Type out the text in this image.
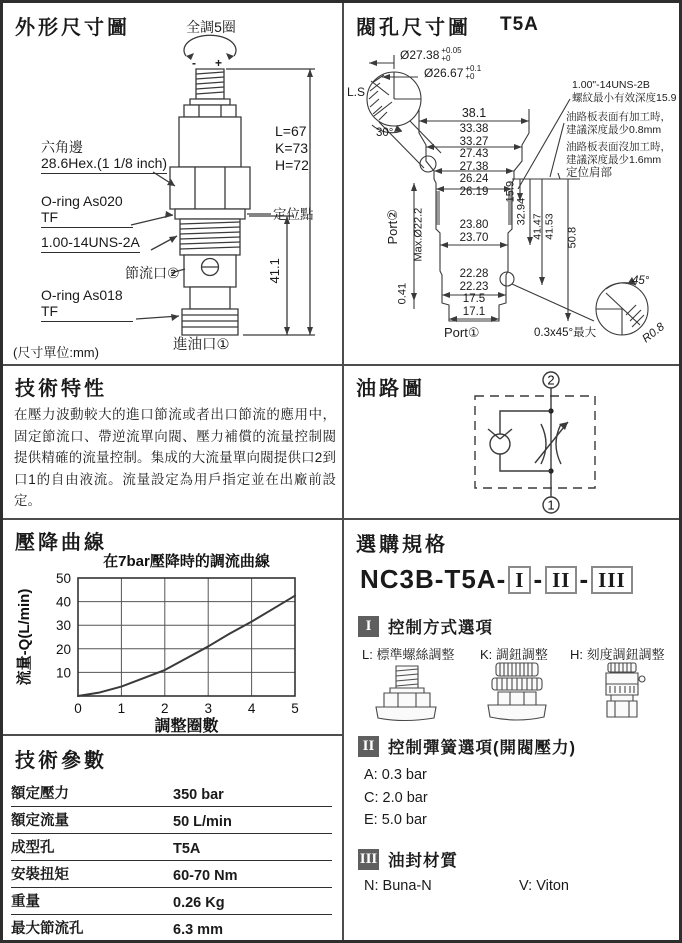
外形尺寸圖	全調5圈
- +
六角邊
28.6Hex.(1 1/8 inch)
O-ring As020
TF
1.00-14UNS-2A
節流口②
O-ring As018
TF
進油口①
定位點
L=67
K=73
H=72
41.1
(尺寸單位:mm)
閥孔尺寸圖 T5A
Ø27.38 +0.05
+0
Ø26.67 +0.1
+0
L.S
30°
38.1
33.38
33.27
27.43
27.38
26.24
26.19
23.80
23.70
22.28
22.23
17.5
17.1
Port①
Port② Max.Ø22.2
0.41
15.9
32.94
41.47 41.53 50.8
1.00"-14UNS-2B
螺紋最小有效深度15.9
油路板表面有加工時，
建議深度最少0.8mm
油路板表面沒加工時，
建議深度最少1.6mm
定位肩部
0.3x45°最大
45°
R0.8
技術特性
在壓力波動較大的進口節流或者出口節流的應用中，固定節流口、帶逆流單向閥、壓力補償的流量控制閥提供精確的流量控制。集成的大流量單向閥提供口2到口1的自由液流。流量設定為用戶指定並在出廠前設定。
2
1
油路圖
0	1	2	3	4	5
10
20
30
40
50
在7bar壓降時的調流曲線
調整圈數
流量-Q(L/min)
壓降曲線	選購規格
NC3B-T5A - I - II - III
I	控制方式選項
L: 標準螺絲調整 K: 調鈕調整 H: 刻度調鈕調整
II 控制彈簧選項(開閥壓力)
A: 0.3 bar
C: 2.0 bar
E: 5.0 bar
III 油封材質
N: Buna-N	V: Viton
技術參數
額定壓力	350 bar
額定流量	50 L/min
成型孔	T5A
安裝扭矩	60-70 Nm
重量	0.26 Kg
最大節流孔	6.3 mm
